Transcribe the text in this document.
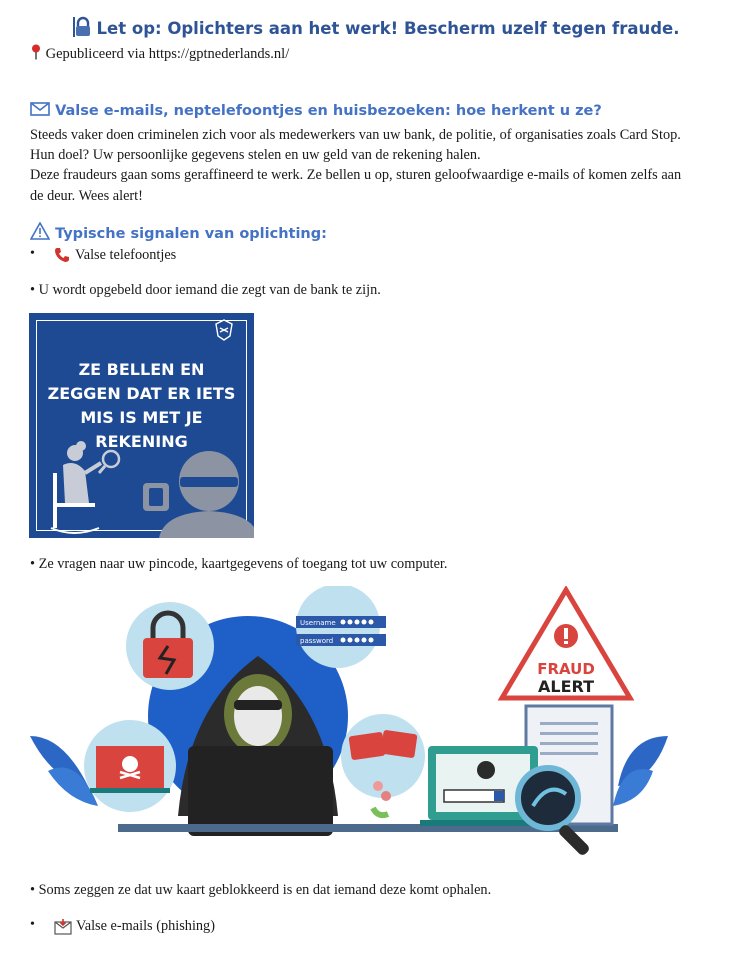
Let op: Oplichters aan het werk! Bescherm uzelf tegen fraude.
Gepubliceerd via https://gptnederlands.nl/
Valse e-mails, neptelefoontjes en huisbezoeken: hoe herkent u ze?
Steeds vaker doen criminelen zich voor als medewerkers van uw bank, de politie, of organisaties zoals Card Stop.
Hun doel? Uw persoonlijke gegevens stelen en uw geld van de rekening halen.
Deze fraudeurs gaan soms geraffineerd te werk. Ze bellen u op, sturen geloofwaardige e-mails of komen zelfs aan
de deur. Wees alert!
Typische signalen van oplichting:
•	Valse telefoontjes
• U wordt opgebeld door iemand die zegt van de bank te zijn.
ZE BELLEN EN
ZEGGEN DAT ER IETS
MIS IS MET JE
REKENING
• Ze vragen naar uw pincode, kaartgegevens of toegang tot uw computer.
Username
password
FRAUD
ALERT
• Soms zeggen ze dat uw kaart geblokkeerd is en dat iemand deze komt ophalen.
•	Valse e-mails (phishing)
